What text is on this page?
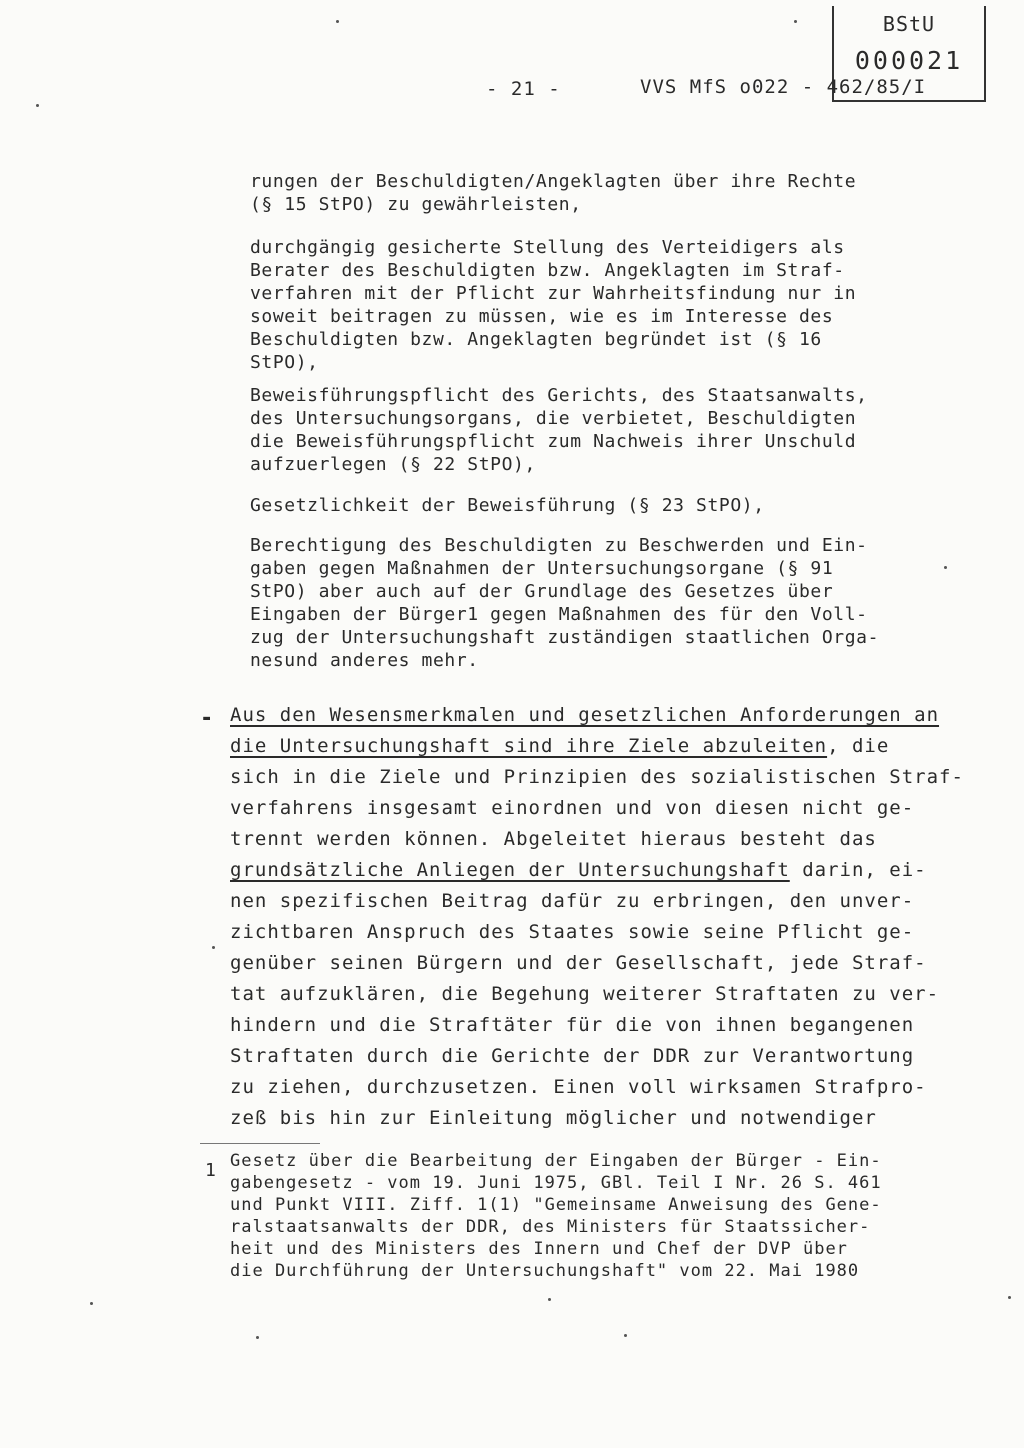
BStU
000021
- 21 -	VVS MfS o022 - 462/85/I
rungen der Beschuldigten/Angeklagten über ihre Rechte
(§ 15 StPO) zu gewährleisten,
durchgängig gesicherte Stellung des Verteidigers als
Berater des Beschuldigten bzw. Angeklagten im Straf-
verfahren mit der Pflicht zur Wahrheitsfindung nur in
soweit beitragen zu müssen, wie es im Interesse des
Beschuldigten bzw. Angeklagten begründet ist (§ 16
StPO),
Beweisführungspflicht des Gerichts, des Staatsanwalts,
des Untersuchungsorgans, die verbietet, Beschuldigten
die Beweisführungspflicht zum Nachweis ihrer Unschuld
aufzuerlegen (§ 22 StPO),
Gesetzlichkeit der Beweisführung (§ 23 StPO),
Berechtigung des Beschuldigten zu Beschwerden und Ein-
gaben gegen Maßnahmen der Untersuchungsorgane (§ 91
StPO) aber auch auf der Grundlage des Gesetzes über
Eingaben der Bürger1 gegen Maßnahmen des für den Voll-
zug der Untersuchungshaft zuständigen staatlichen Orga-
nesund anderes mehr.
- Aus den Wesensmerkmalen und gesetzlichen Anforderungen an
die Untersuchungshaft sind ihre Ziele abzuleiten, die
sich in die Ziele und Prinzipien des sozialistischen Straf-
verfahrens insgesamt einordnen und von diesen nicht ge-
trennt werden können. Abgeleitet hieraus besteht das
grundsätzliche Anliegen der Untersuchungshaft darin, ei-
nen spezifischen Beitrag dafür zu erbringen, den unver-
zichtbaren Anspruch des Staates sowie seine Pflicht ge-
genüber seinen Bürgern und der Gesellschaft, jede Straf-
tat aufzuklären, die Begehung weiterer Straftaten zu ver-
hindern und die Straftäter für die von ihnen begangenen
Straftaten durch die Gerichte der DDR zur Verantwortung
zu ziehen, durchzusetzen. Einen voll wirksamen Strafpro-
zeß bis hin zur Einleitung möglicher und notwendiger
1 Gesetz über die Bearbeitung der Eingaben der Bürger - Ein-
gabengesetz - vom 19. Juni 1975, GBl. Teil I Nr. 26 S. 461
und Punkt VIII. Ziff. 1(1) "Gemeinsame Anweisung des Gene-
ralstaatsanwalts der DDR, des Ministers für Staatssicher-
heit und des Ministers des Innern und Chef der DVP über
die Durchführung der Untersuchungshaft" vom 22. Mai 1980
